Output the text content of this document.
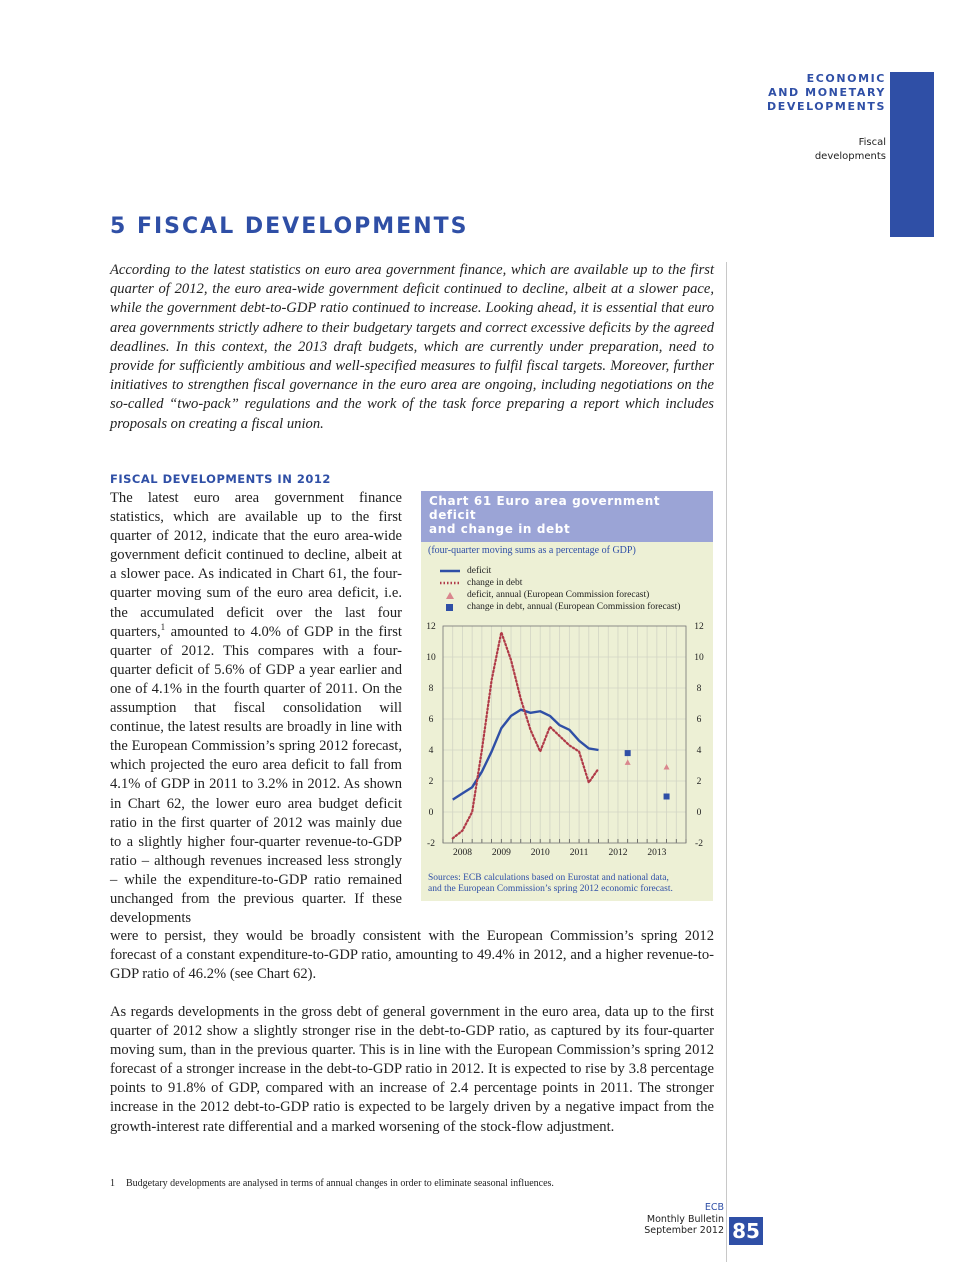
ECONOMIC
AND MONETARY
DEVELOPMENTS
Fiscal
developments
5 FISCAL DEVELOPMENTS

According to the latest statistics on euro area government finance, which are available up to the first quarter of 2012, the euro area-wide government deficit continued to decline, albeit at a slower pace, while the government debt-to-GDP ratio continued to increase. Looking ahead, it is essential that euro area governments strictly adhere to their budgetary targets and correct excessive deficits by the agreed deadlines. In this context, the 2013 draft budgets, which are currently under preparation, need to provide for sufficiently ambitious and well-specified measures to fulfil fiscal targets. Moreover, further initiatives to strengthen fiscal governance in the euro area are ongoing, including negotiations on the so-called “two-pack” regulations and the work of the task force preparing a report which includes proposals on creating a fiscal union.

FISCAL DEVELOPMENTS IN 2012

The latest euro area government finance statistics, which are available up to the first quarter of 2012, indicate that the euro area-wide government deficit continued to decline, albeit at a slower pace. As indicated in Chart 61, the four-quarter moving sum of the euro area deficit, i.e. the accumulated deficit over the last four quarters,$^1$ amounted to 4.0% of GDP in the first quarter of 2012. This compares with a four-quarter deficit of 5.6% of GDP a year earlier and one of 4.1% in the fourth quarter of 2011. On the assumption that fiscal consolidation will continue, the latest results are broadly in line with the European Commission’s spring 2012 forecast, which projected the euro area deficit to fall from 4.1% of GDP in 2011 to 3.2% in 2012. As shown in Chart 62, the lower euro area budget deficit ratio in the first quarter of 2012 was mainly due to a slightly higher four-quarter revenue-to-GDP ratio – although revenues increased less strongly – while the expenditure-to-GDP ratio remained unchanged from the previous quarter. If these developments

were to persist, they would be broadly consistent with the European Commission’s spring 2012 forecast of a constant expenditure-to-GDP ratio, amounting to 49.4% in 2012, and a higher revenue-to-GDP ratio of 46.2% (see Chart 62).

As regards developments in the gross debt of general government in the euro area, data up to the first quarter of 2012 show a slightly stronger rise in the debt-to-GDP ratio, as captured by its four-quarter moving sum, than in the previous quarter. This is in line with the European Commission’s spring 2012 forecast of a stronger increase in the debt-to-GDP ratio in 2012. It is expected to rise by 3.8 percentage points to 91.8% of GDP, compared with an increase of 2.4 percentage points in 2011. The stronger increase in the 2012 debt-to-GDP ratio is expected to be largely driven by a negative impact from the growth-interest rate differential and a marked worsening of the stock-flow adjustment.

1 Budgetary developments are analysed in terms of annual changes in order to eliminate seasonal influences.
Chart 61 Euro area government deficit
and change in debt
(four-quarter moving sums as a percentage of GDP)
deficit
change in debt
deficit, annual (European Commission forecast)
change in debt, annual (European Commission forecast)
-2	-2
0	0
2	2
4	4
6	6
8	8
10	10
12	12
2008 2009 2010 2011 2012 2013
Sources: ECB calculations based on Eurostat and national data,
and the European Commission’s spring 2012 economic forecast.
ECB
Monthly Bulletin
September 2012 85
